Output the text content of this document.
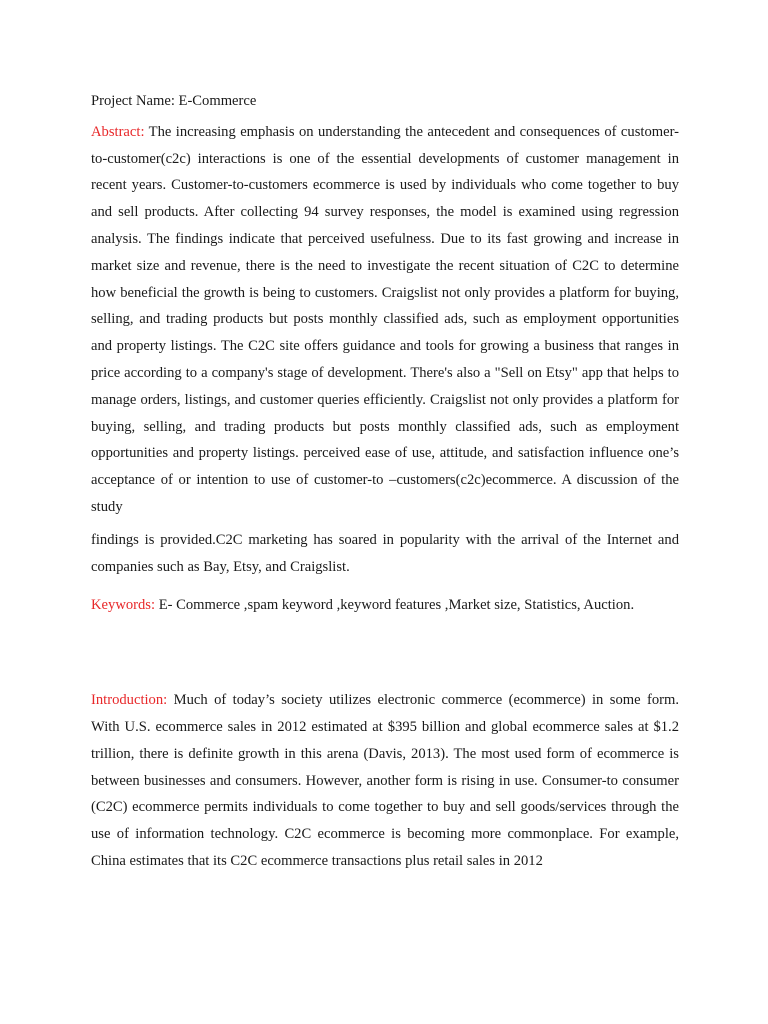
Project Name: E-Commerce

Abstract: The increasing emphasis on understanding the antecedent and consequences of customer-to-customer(c2c) interactions is one of the essential developments of customer management in recent years. Customer-to-customers ecommerce is used by individuals who come together to buy and sell products. After collecting 94 survey responses, the model is examined using regression analysis. The findings indicate that perceived usefulness. Due to its fast growing and increase in market size and revenue, there is the need to investigate the recent situation of C2C to determine how beneficial the growth is being to customers. Craigslist not only provides a platform for buying, selling, and trading products but posts monthly classified ads, such as employment opportunities and property listings. The C2C site offers guidance and tools for growing a business that ranges in price according to a company's stage of development. There's also a "Sell on Etsy" app that helps to manage orders, listings, and customer queries efficiently. Craigslist not only provides a platform for buying, selling, and trading products but posts monthly classified ads, such as employment opportunities and property listings. perceived ease of use, attitude, and satisfaction influence one’s acceptance of or intention to use of customer-to –customers(c2c)ecommerce. A discussion of the study

findings is provided.C2C marketing has soared in popularity with the arrival of the Internet and companies such as Bay, Etsy, and Craigslist.

Keywords: E- Commerce ,spam keyword ,keyword features ,Market size, Statistics, Auction.

Introduction: Much of today’s society utilizes electronic commerce (ecommerce) in some form. With U.S. ecommerce sales in 2012 estimated at $395 billion and global ecommerce sales at $1.2 trillion, there is definite growth in this arena (Davis, 2013). The most used form of ecommerce is between businesses and consumers. However, another form is rising in use. Consumer-to consumer (C2C) ecommerce permits individuals to come together to buy and sell goods/services through the use of information technology. C2C ecommerce is becoming more commonplace. For example, China estimates that its C2C ecommerce transactions plus retail sales in 2012
